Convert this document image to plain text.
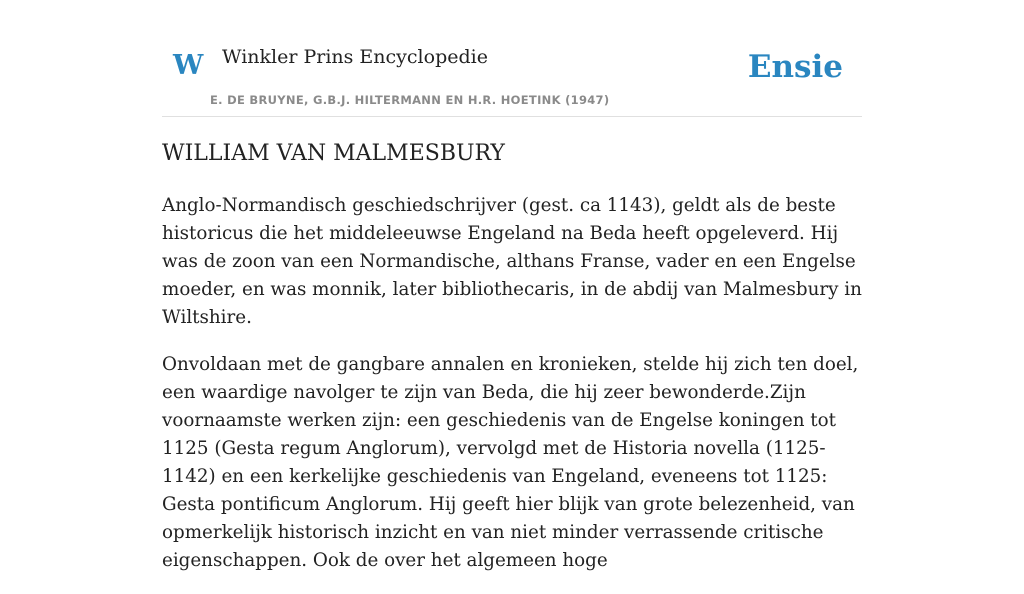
W Winkler Prins Encyclopedie
E. DE BRUYNE, G.B.J. HILTERMANN EN H.R. HOETINK (1947)
Ensie
WILLIAM VAN MALMESBURY

Anglo-Normandisch geschiedschrijver (gest. ca 1143), geldt als de beste historicus die het middeleeuwse Engeland na Beda heeft opgeleverd. Hij was de zoon van een Normandische, althans Franse, vader en een Engelse moeder, en was monnik, later bibliothecaris, in de abdij van Malmesbury in Wiltshire.

Onvoldaan met de gangbare annalen en kronieken, stelde hij zich ten doel, een waardige navolger te zijn van Beda, die hij zeer bewonderde.Zijn voornaamste werken zijn: een geschiedenis van de Engelse koningen tot 1125 (Gesta regum Anglorum), vervolgd met de Historia novella (1125-1142) en een kerkelijke geschiedenis van Engeland, eveneens tot 1125: Gesta pontificum Anglorum. Hij geeft hier blijk van grote belezenheid, van opmerkelijk historisch inzicht en van niet minder verrassende critische eigenschappen. Ook de over het algemeen hoge
